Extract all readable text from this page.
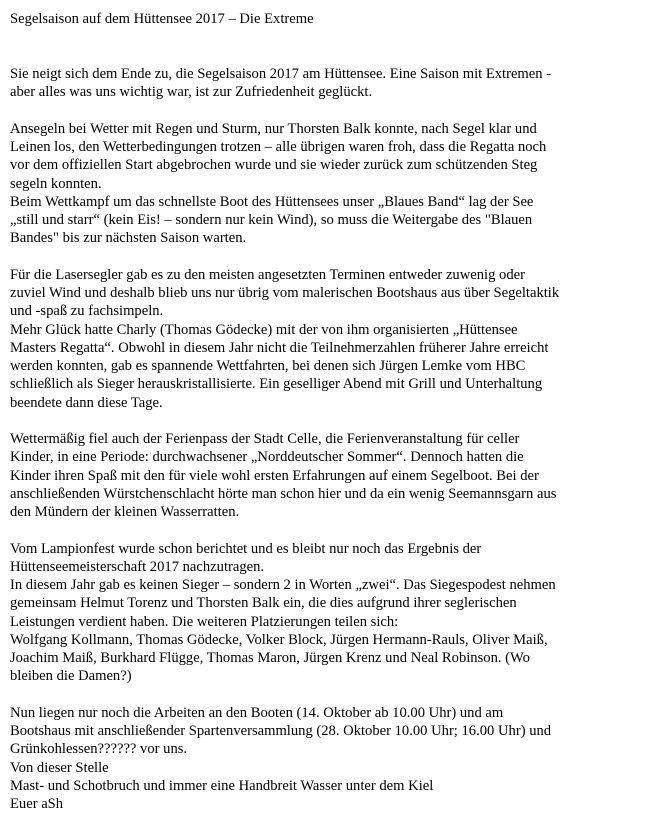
Segelsaison auf dem Hüttensee 2017 – Die Extreme
Sie neigt sich dem Ende zu, die Segelsaison 2017 am Hüttensee. Eine Saison mit Extremen -
aber alles was uns wichtig war, ist zur Zufriedenheit geglückt.
Ansegeln bei Wetter mit Regen und Sturm, nur Thorsten Balk konnte, nach Segel klar und
Leinen los, den Wetterbedingungen trotzen – alle übrigen waren froh, dass die Regatta noch
vor dem offiziellen Start abgebrochen wurde und sie wieder zurück zum schützenden Steg
segeln konnten.
Beim Wettkampf um das schnellste Boot des Hüttensees unser „Blaues Band“ lag der See
„still und starr“ (kein Eis! – sondern nur kein Wind), so muss die Weitergabe des "Blauen
Bandes" bis zur nächsten Saison warten.
Für die Lasersegler gab es zu den meisten angesetzten Terminen entweder zuwenig oder
zuviel Wind und deshalb blieb uns nur übrig vom malerischen Bootshaus aus über Segeltaktik
und -spaß zu fachsimpeln.
Mehr Glück hatte Charly (Thomas Gödecke) mit der von ihm organisierten „Hüttensee
Masters Regatta“. Obwohl in diesem Jahr nicht die Teilnehmerzahlen früherer Jahre erreicht
werden konnten, gab es spannende Wettfahrten, bei denen sich Jürgen Lemke vom HBC
schließlich als Sieger herauskristallisierte. Ein geselliger Abend mit Grill und Unterhaltung
beendete dann diese Tage.
Wettermäßig fiel auch der Ferienpass der Stadt Celle, die Ferienveranstaltung für celler
Kinder, in eine Periode: durchwachsener „Norddeutscher Sommer“. Dennoch hatten die
Kinder ihren Spaß mit den für viele wohl ersten Erfahrungen auf einem Segelboot. Bei der
anschließenden Würstchenschlacht hörte man schon hier und da ein wenig Seemannsgarn aus
den Mündern der kleinen Wasserratten.
Vom Lampionfest wurde schon berichtet und es bleibt nur noch das Ergebnis der
Hüttenseemeisterschaft 2017 nachzutragen.
In diesem Jahr gab es keinen Sieger – sondern 2 in Worten „zwei“. Das Siegespodest nehmen
gemeinsam Helmut Torenz und Thorsten Balk ein, die dies aufgrund ihrer seglerischen
Leistungen verdient haben. Die weiteren Platzierungen teilen sich:
Wolfgang Kollmann, Thomas Gödecke, Volker Block, Jürgen Hermann-Rauls, Oliver Maiß,
Joachim Maiß, Burkhard Flügge, Thomas Maron, Jürgen Krenz und Neal Robinson. (Wo
bleiben die Damen?)
Nun liegen nur noch die Arbeiten an den Booten (14. Oktober ab 10.00 Uhr) und am
Bootshaus mit anschließender Spartenversammlung (28. Oktober 10.00 Uhr; 16.00 Uhr) und
Grünkohlessen?????? vor uns.
Von dieser Stelle
Mast- und Schotbruch und immer eine Handbreit Wasser unter dem Kiel
Euer aSh
